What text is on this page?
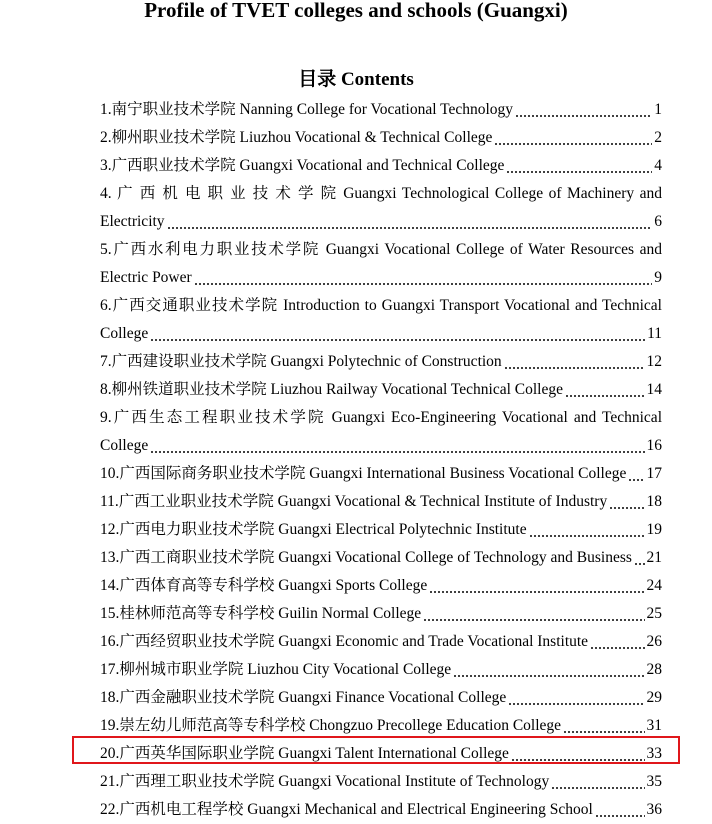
Profile of TVET colleges and schools (Guangxi)
目录 Contents
1.南宁职业技术学院 Nanning College for Vocational Technology	1
2.柳州职业技术学院 Liuzhou Vocational & Technical College	2
3.广西职业技术学院 Guangxi Vocational and Technical College	4
4. 广 西 机 电 职 业 技 术 学 院 Guangxi Technological College of Machinery and
Electricity	6
5.广西水利电力职业技术学院 Guangxi Vocational College of Water Resources and
Electric Power	9
6.广西交通职业技术学院 Introduction to Guangxi Transport Vocational and Technical
College	11
7.广西建设职业技术学院 Guangxi Polytechnic of Construction	12
8.柳州铁道职业技术学院 Liuzhou Railway Vocational Technical College	14
9.广西生态工程职业技术学院 Guangxi Eco-Engineering Vocational and Technical
College	16
10.广西国际商务职业技术学院 Guangxi International Business Vocational College 17
11.广西工业职业技术学院 Guangxi Vocational & Technical Institute of Industry	18
12.广西电力职业技术学院 Guangxi Electrical Polytechnic Institute	19
13.广西工商职业技术学院 Guangxi Vocational College of Technology and Business 21
14.广西体育高等专科学校 Guangxi Sports College	24
15.桂林师范高等专科学校 Guilin Normal College	25
16.广西经贸职业技术学院 Guangxi Economic and Trade Vocational Institute	26
17.柳州城市职业学院 Liuzhou City Vocational College	28
18.广西金融职业技术学院 Guangxi Finance Vocational College	29
19.崇左幼儿师范高等专科学校 Chongzuo Precollege Education College	31
20.广西英华国际职业学院 Guangxi Talent International College	33
21.广西理工职业技术学院 Guangxi Vocational Institute of Technology	35
22.广西机电工程学校 Guangxi Mechanical and Electrical Engineering School	36
